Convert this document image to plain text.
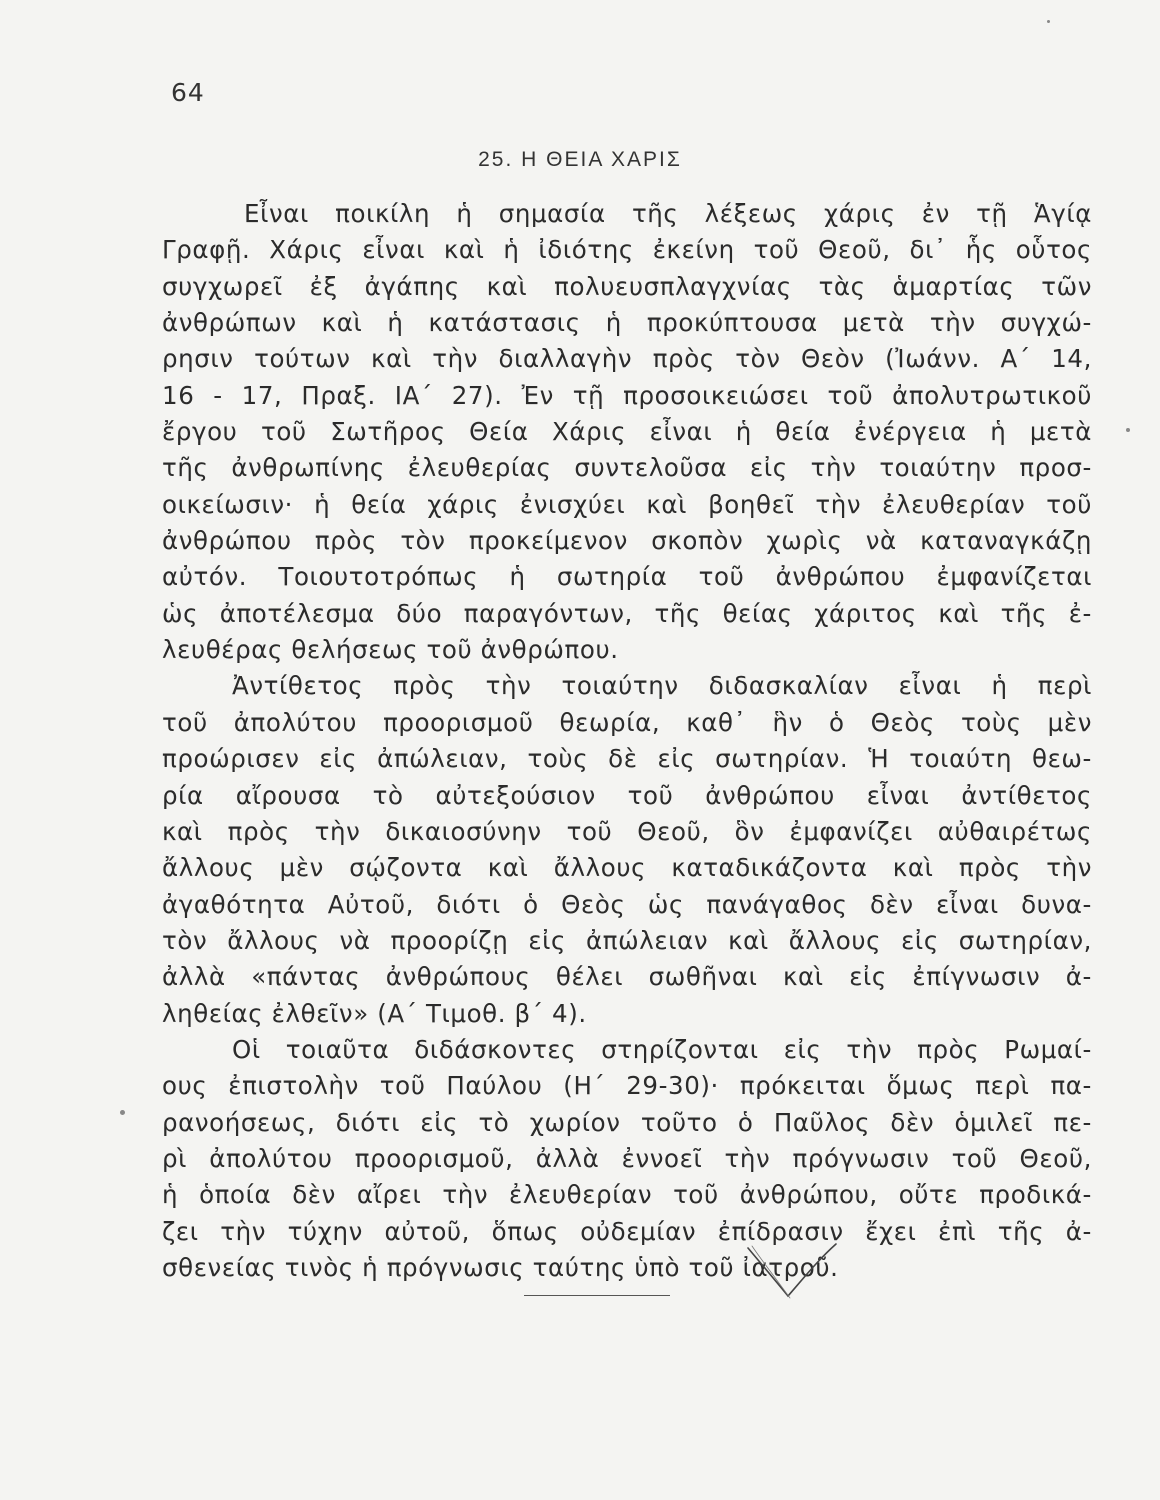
64
25. Η ΘΕΙΑ ΧΑΡΙΣ
Εἶναι ποικίλη ἡ σημασία τῆς λέξεως χάρις ἐν τῇ Ἁγίᾳ
Γραφῇ. Χάρις εἶναι καὶ ἡ ἰδιότης ἐκείνη τοῦ Θεοῦ, δι᾽ ἧς οὗτος
συγχωρεῖ ἐξ ἀγάπης καὶ πολυευσπλαγχνίας τὰς ἁμαρτίας τῶν
ἀνθρώπων καὶ ἡ κατάστασις ἡ προκύπτουσα μετὰ τὴν συγχώ-
ρησιν τούτων καὶ τὴν διαλλαγὴν πρὸς τὸν Θεὸν (Ἰωάνν. Α΄ 14,
16 - 17, Πραξ. ΙΑ΄ 27). Ἐν τῇ προσοικειώσει τοῦ ἀπολυτρωτικοῦ
ἔργου τοῦ Σωτῆρος Θεία Χάρις εἶναι ἡ θεία ἐνέργεια ἡ μετὰ
τῆς ἀνθρωπίνης ἐλευθερίας συντελοῦσα εἰς τὴν τοιαύτην προσ-
οικείωσιν· ἡ θεία χάρις ἐνισχύει καὶ βοηθεῖ τὴν ἐλευθερίαν τοῦ
ἀνθρώπου πρὸς τὸν προκείμενον σκοπὸν χωρὶς νὰ καταναγκάζῃ
αὐτόν. Τοιουτοτρόπως ἡ σωτηρία τοῦ ἀνθρώπου ἐμφανίζεται
ὡς ἀποτέλεσμα δύο παραγόντων, τῆς θείας χάριτος καὶ τῆς ἐ-
λευθέρας θελήσεως τοῦ ἀνθρώπου.
Ἀντίθετος πρὸς τὴν τοιαύτην διδασκαλίαν εἶναι ἡ περὶ
τοῦ ἀπολύτου προορισμοῦ θεωρία, καθ᾽ ἣν ὁ Θεὸς τοὺς μὲν
προώρισεν εἰς ἀπώλειαν, τοὺς δὲ εἰς σωτηρίαν. Ἡ τοιαύτη θεω-
ρία αἴρουσα τὸ αὐτεξούσιον τοῦ ἀνθρώπου εἶναι ἀντίθετος
καὶ πρὸς τὴν δικαιοσύνην τοῦ Θεοῦ, ὃν ἐμφανίζει αὐθαιρέτως
ἄλλους μὲν σῴζοντα καὶ ἄλλους καταδικάζοντα καὶ πρὸς τὴν
ἀγαθότητα Αὐτοῦ, διότι ὁ Θεὸς ὡς πανάγαθος δὲν εἶναι δυνα-
τὸν ἄλλους νὰ προορίζῃ εἰς ἀπώλειαν καὶ ἄλλους εἰς σωτηρίαν,
ἀλλὰ «πάντας ἀνθρώπους θέλει σωθῆναι καὶ εἰς ἐπίγνωσιν ἀ-
ληθείας ἐλθεῖν» (Α΄ Τιμοθ. β΄ 4).
Οἱ τοιαῦτα διδάσκοντες στηρίζονται εἰς τὴν πρὸς Ρωμαί-
ους ἐπιστολὴν τοῦ Παύλου (Η΄ 29-30)· πρόκειται ὅμως περὶ πα-
ρανοήσεως, διότι εἰς τὸ χωρίον τοῦτο ὁ Παῦλος δὲν ὁμιλεῖ πε-
ρὶ ἀπολύτου προορισμοῦ, ἀλλὰ ἐννοεῖ τὴν πρόγνωσιν τοῦ Θεοῦ,
ἡ ὁποία δὲν αἴρει τὴν ἐλευθερίαν τοῦ ἀνθρώπου, οὔτε προδικά-
ζει τὴν τύχην αὐτοῦ, ὅπως οὐδεμίαν ἐπίδρασιν ἔχει ἐπὶ τῆς ἀ-
σθενείας τινὸς ἡ πρόγνωσις ταύτης ὑπὸ τοῦ ἰατροῦ.
